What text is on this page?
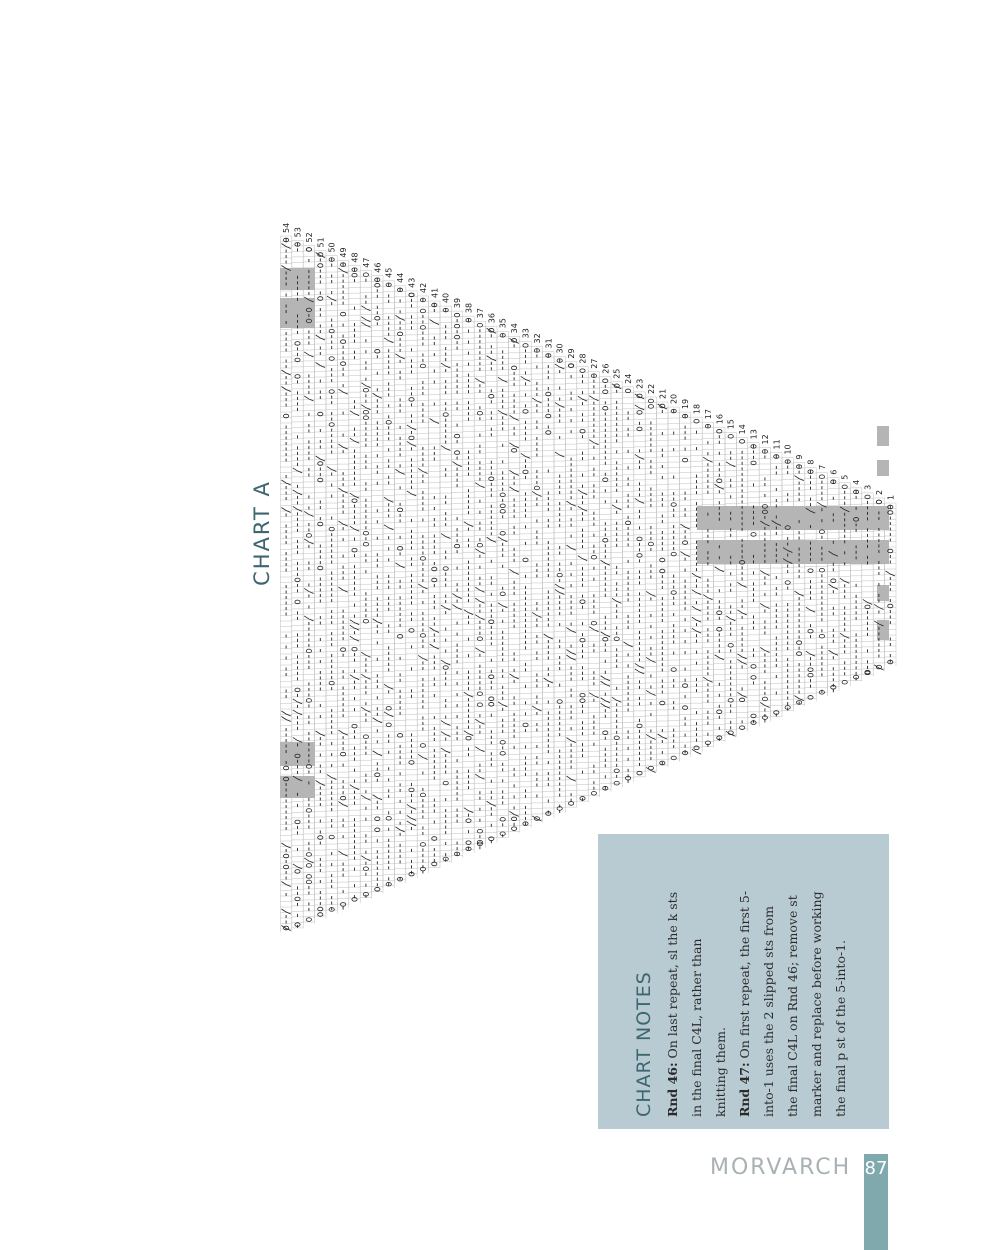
CHART A	1
2
3
4
5
6
7
8
9
10
11
12
13
14
15
16
17
18
19
20
21
22
23
24
25
26
27
28
29
30
31
32
33
34
35
36
37
38
39
40
41
42
43
44
45
46
47
48
49
50
51
52
53
54
CHART NOTES Rnd 46: On last repeat, sl the k sts in the final C4L, rather than knitting them. Rnd 47: On first repeat, the first 5- into-1 uses the 2 slipped sts from the final C4L on Rnd 46; remove st marker and replace before working the final p st of the 5-into-1.

MORVARCH 87
